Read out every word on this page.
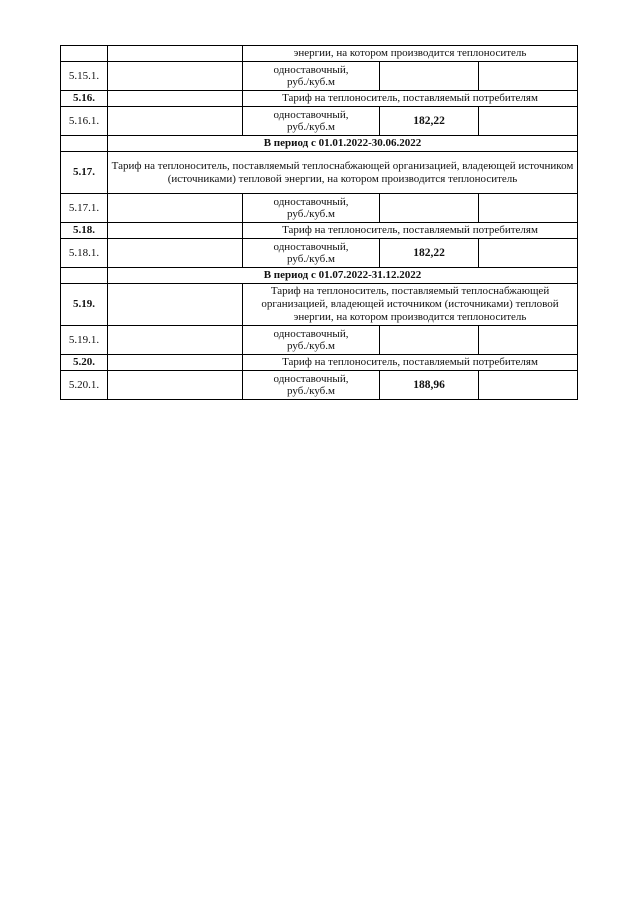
		энергии, на котором производится теплоноситель		
5.15.1.		одноставочный,
руб./куб.м		
5.16.		Тариф на теплоноситель, поставляемый потребителям		
5.16.1.		одноставочный,
руб./куб.м	182,22	
	В период с 01.01.2022-30.06.2022			
5.17.	Тариф на теплоноситель, поставляемый теплоснабжающей организацией, владеющей источником (источниками) тепловой энергии, на котором производится теплоноситель			
5.17.1.		одноставочный,
руб./куб.м		
5.18.		Тариф на теплоноситель, поставляемый потребителям		
5.18.1.		одноставочный,
руб./куб.м	182,22	
	В период с 01.07.2022-31.12.2022			
5.19.		Тариф на теплоноситель, поставляемый теплоснабжающей организацией, владеющей источником (источниками) тепловой энергии, на котором производится теплоноситель		
5.19.1.		одноставочный,
руб./куб.м		
5.20.		Тариф на теплоноситель, поставляемый потребителям		
5.20.1.		одноставочный,
руб./куб.м	188,96	
